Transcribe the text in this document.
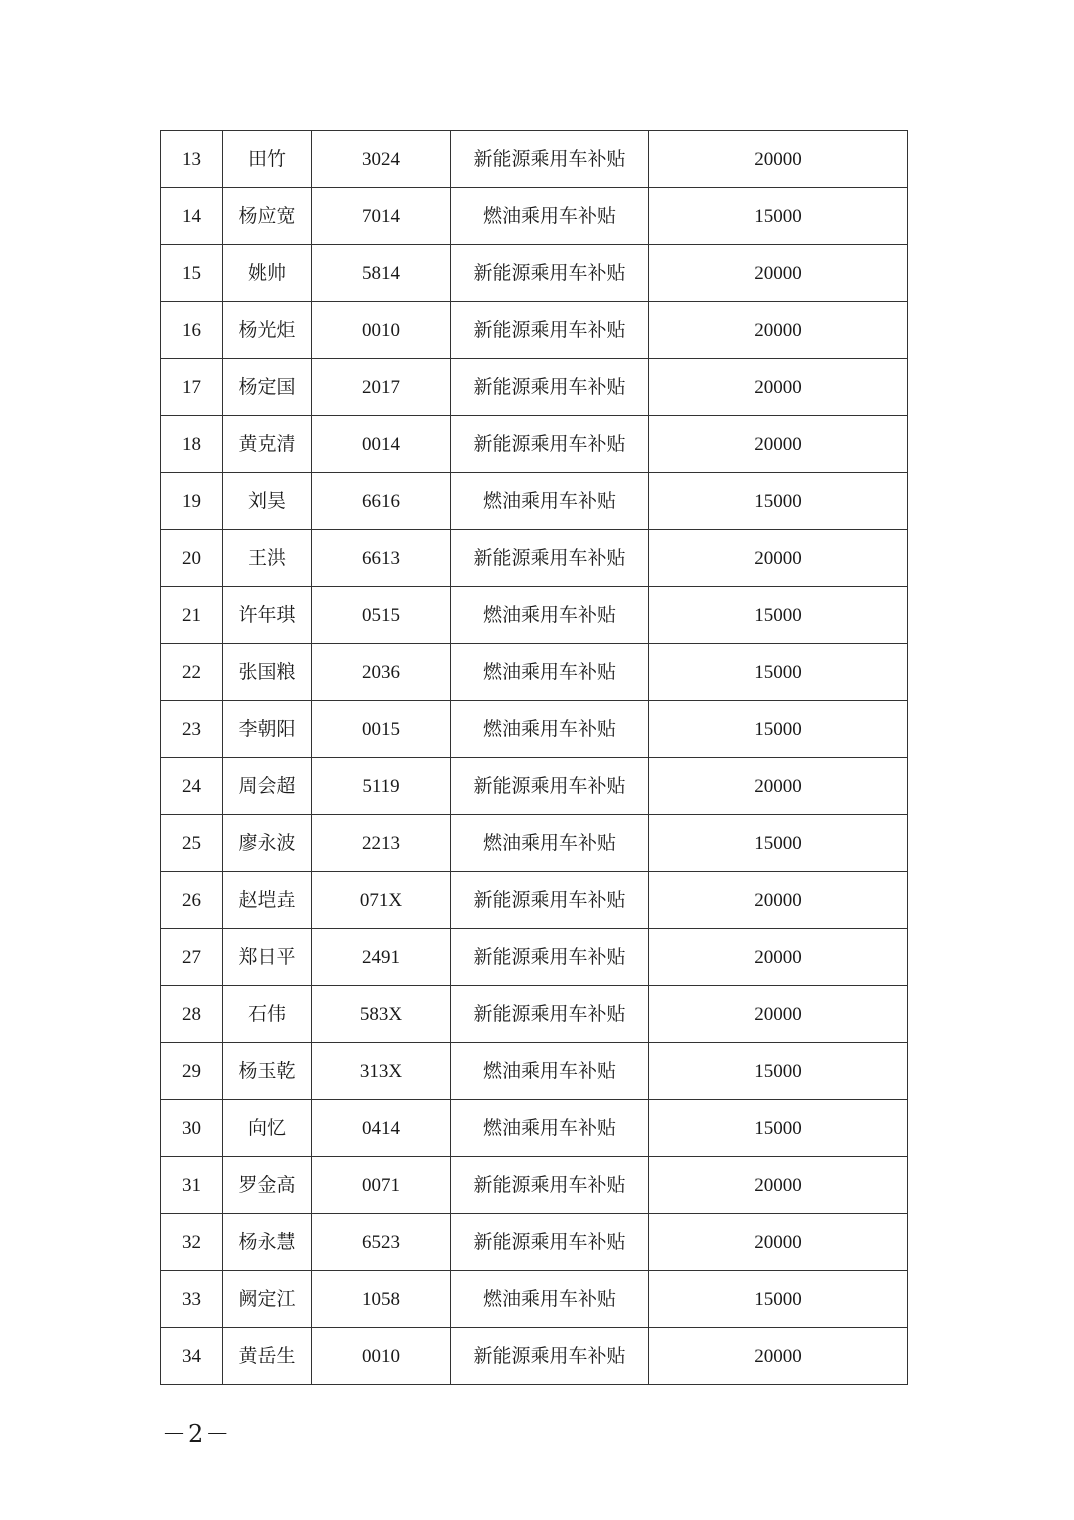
13	田竹	3024	新能源乘用车补贴	20000
14	杨应宽	7014	燃油乘用车补贴	15000
15	姚帅	5814	新能源乘用车补贴	20000
16	杨光炬	0010	新能源乘用车补贴	20000
17	杨定国	2017	新能源乘用车补贴	20000
18	黄克清	0014	新能源乘用车补贴	20000
19	刘昊	6616	燃油乘用车补贴	15000
20	王洪	6613	新能源乘用车补贴	20000
21	许年琪	0515	燃油乘用车补贴	15000
22	张国粮	2036	燃油乘用车补贴	15000
23	李朝阳	0015	燃油乘用车补贴	15000
24	周会超	5119	新能源乘用车补贴	20000
25	廖永波	2213	燃油乘用车补贴	15000
26	赵垲垚	071X	新能源乘用车补贴	20000
27	郑日平	2491	新能源乘用车补贴	20000
28	石伟	583X	新能源乘用车补贴	20000
29	杨玉乾	313X	燃油乘用车补贴	15000
30	向忆	0414	燃油乘用车补贴	15000
31	罗金高	0071	新能源乘用车补贴	20000
32	杨永慧	6523	新能源乘用车补贴	20000
33	阙定江	1058	燃油乘用车补贴	15000
34	黄岳生	0010	新能源乘用车补贴	20000
－2－
